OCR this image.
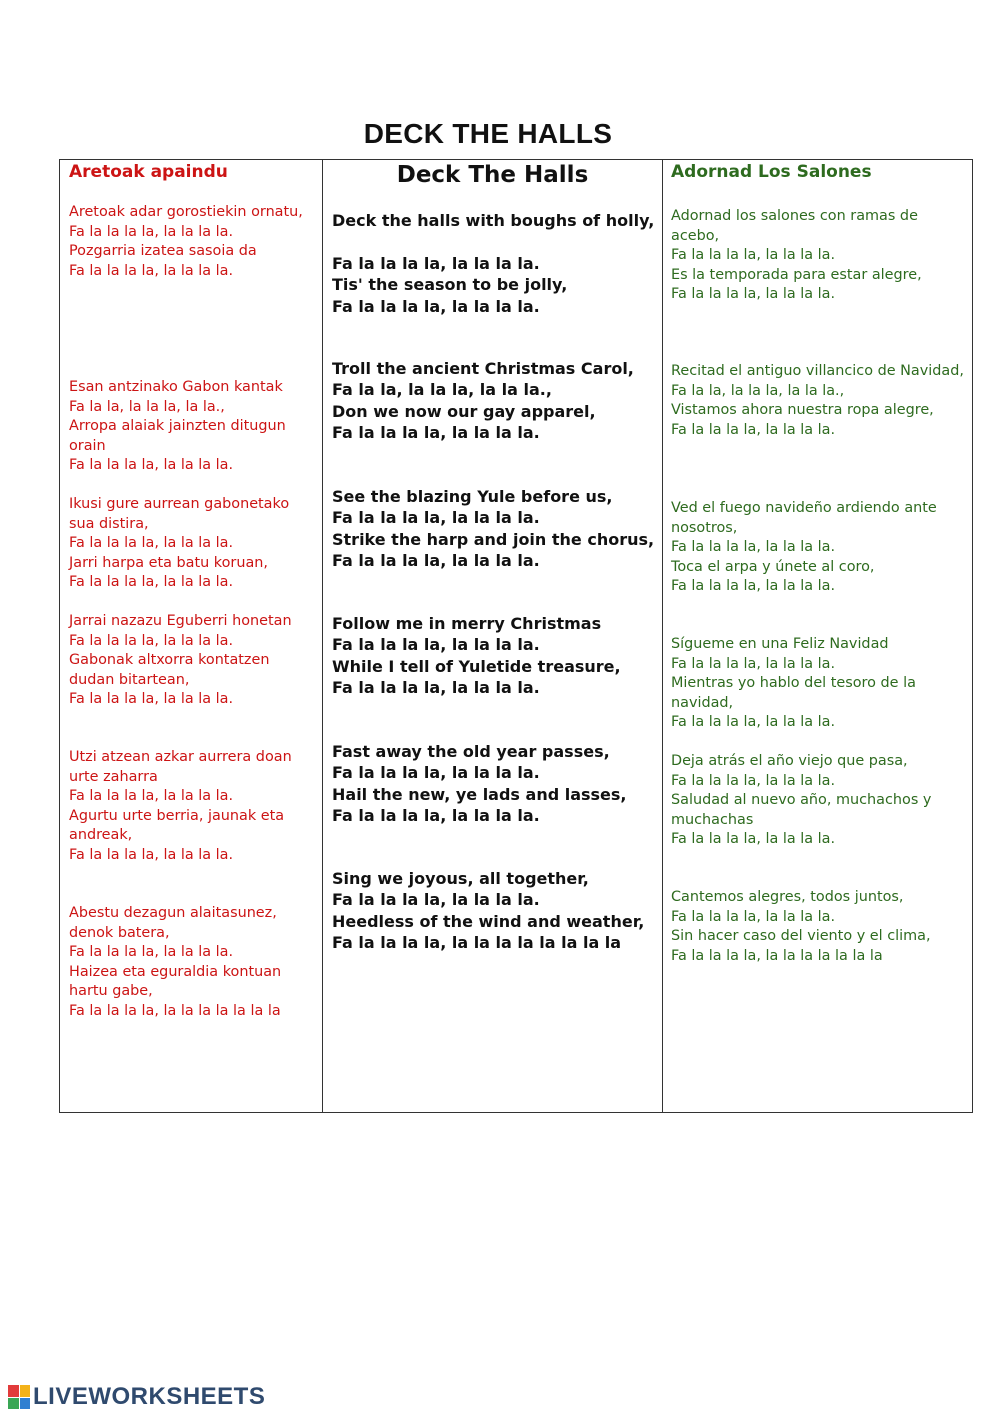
DECK THE HALLS
Aretoak apaindu
Aretoak adar gorostiekin ornatu,
Fa la la la la, la la la la.
Pozgarria izatea sasoia da
Fa la la la la, la la la la.
Esan antzinako Gabon kantak
Fa la la, la la la, la la.,
Arropa alaiak jainzten ditugun orain
Fa la la la la, la la la la.
Ikusi gure aurrean gabonetako sua distira,
Fa la la la la, la la la la.
Jarri harpa eta batu koruan,
Fa la la la la, la la la la.
Jarrai nazazu Eguberri honetan
Fa la la la la, la la la la.
Gabonak altxorra kontatzen dudan bitartean,
Fa la la la la, la la la la.
Utzi atzean azkar aurrera doan urte zaharra
Fa la la la la, la la la la.
Agurtu urte berria, jaunak eta andreak,
Fa la la la la, la la la la.
Abestu dezagun alaitasunez, denok batera,
Fa la la la la, la la la la.
Haizea eta eguraldia kontuan hartu gabe,
Fa la la la la, la la la la la la la
Deck The Halls
Deck the halls with boughs of holly,
Fa la la la la, la la la la.
Tis' the season to be jolly,
Fa la la la la, la la la la.
Troll the ancient Christmas Carol,
Fa la la, la la la, la la la.,
Don we now our gay apparel,
Fa la la la la, la la la la.
See the blazing Yule before us,
Fa la la la la, la la la la.
Strike the harp and join the chorus,
Fa la la la la, la la la la.
Follow me in merry Christmas
Fa la la la la, la la la la.
While I tell of Yuletide treasure,
Fa la la la la, la la la la.
Fast away the old year passes,
Fa la la la la, la la la la.
Hail the new, ye lads and lasses,
Fa la la la la, la la la la.
Sing we joyous, all together,
Fa la la la la, la la la la.
Heedless of the wind and weather,
Fa la la la la, la la la la la la la la
Adornad Los Salones
Adornad los salones con ramas de acebo,
Fa la la la la, la la la la.
Es la temporada para estar alegre,
Fa la la la la, la la la la.
Recitad el antiguo villancico de Navidad,
Fa la la, la la la, la la la.,
Vistamos ahora nuestra ropa alegre,
Fa la la la la, la la la la.
Ved el fuego navideño ardiendo ante nosotros,
Fa la la la la, la la la la.
Toca el arpa y únete al coro,
Fa la la la la, la la la la.
Sígueme en una Feliz Navidad
Fa la la la la, la la la la.
Mientras yo hablo del tesoro de la navidad,
Fa la la la la, la la la la.
Deja atrás el año viejo que pasa,
Fa la la la la, la la la la.
Saludad al nuevo año, muchachos y muchachas
Fa la la la la, la la la la.
Cantemos alegres, todos juntos,
Fa la la la la, la la la la.
Sin hacer caso del viento y el clima,
Fa la la la la, la la la la la la la
LIVEWORKSHEETS
